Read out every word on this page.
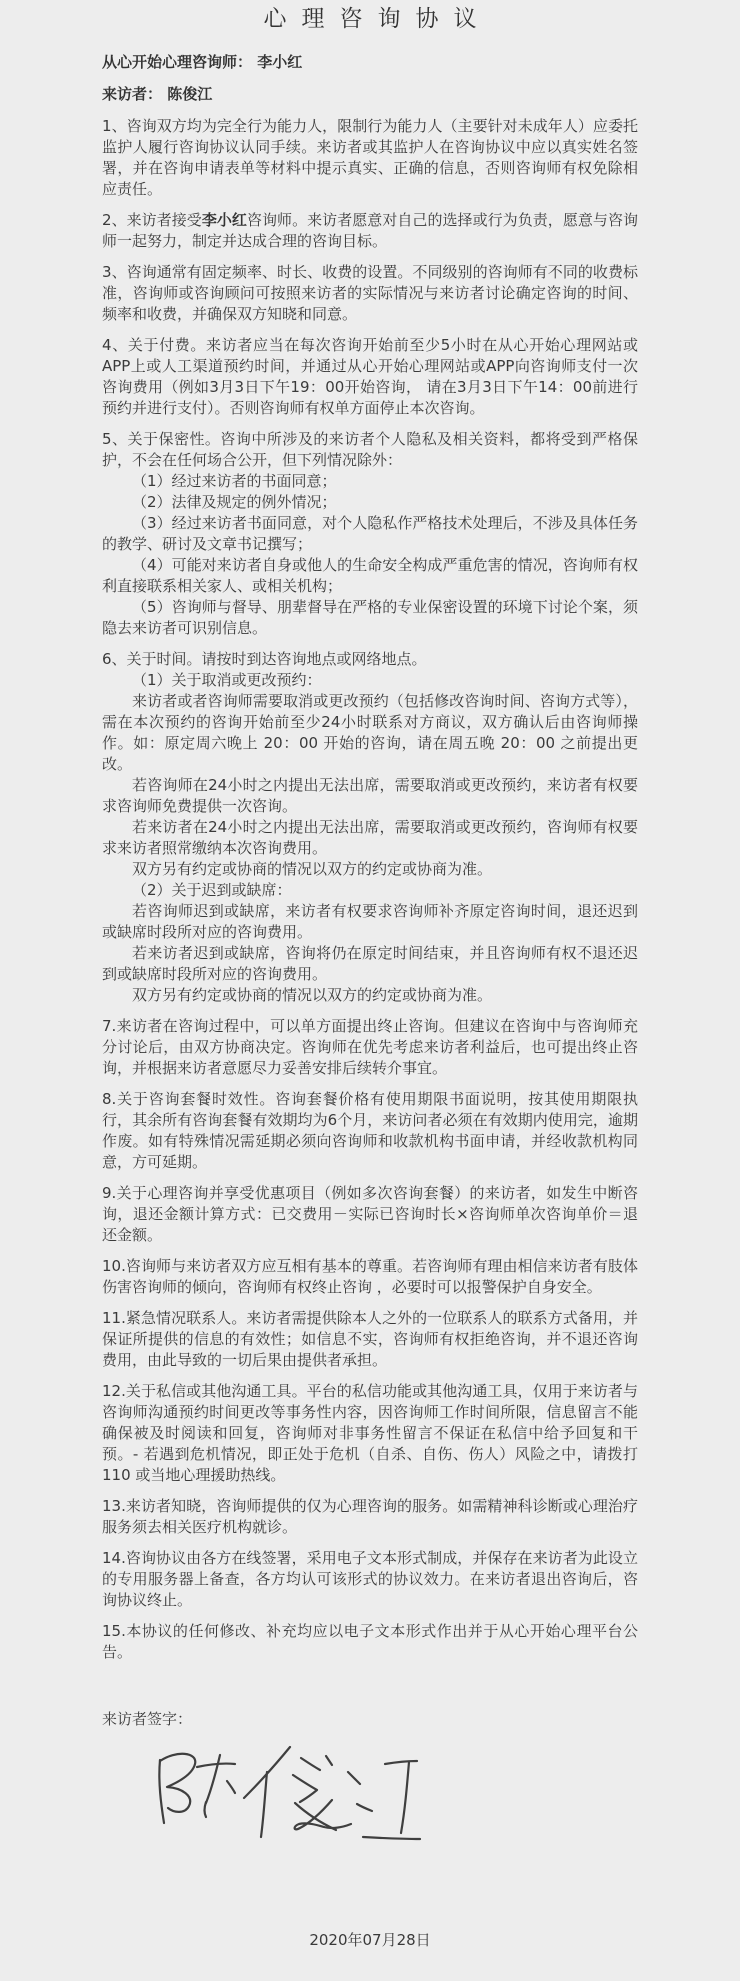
心理咨询协议

从心开始心理咨询师： 李小红

来访者： 陈俊江

1、咨询双方均为完全行为能力人，限制行为能力人（主要针对未成年人）应委托监护人履行咨询协议认同手续。来访者或其监护人在咨询协议中应以真实姓名签署，并在咨询申请表单等材料中提示真实、正确的信息，否则咨询师有权免除相应责任。

2、来访者接受李小红咨询师。来访者愿意对自己的选择或行为负责，愿意与咨询师一起努力，制定并达成合理的咨询目标。

3、咨询通常有固定频率、时长、收费的设置。不同级别的咨询师有不同的收费标准，咨询师或咨询顾问可按照来访者的实际情况与来访者讨论确定咨询的时间、频率和收费，并确保双方知晓和同意。

4、关于付费。来访者应当在每次咨询开始前至少5小时在从心开始心理网站或APP上或人工渠道预约时间，并通过从心开始心理网站或APP向咨询师支付一次咨询费用（例如3月3日下午19：00开始咨询， 请在3月3日下午14：00前进行预约并进行支付）。否则咨询师有权单方面停止本次咨询。

5、关于保密性。咨询中所涉及的来访者个人隐私及相关资料，都将受到严格保护，不会在任何场合公开，但下列情况除外：

（1）经过来访者的书面同意；

（2）法律及规定的例外情况；

（3）经过来访者书面同意，对个人隐私作严格技术处理后，不涉及具体任务的教学、研讨及文章书记撰写；

（4）可能对来访者自身或他人的生命安全构成严重危害的情况，咨询师有权利直接联系相关家人、或相关机构；

（5）咨询师与督导、朋辈督导在严格的专业保密设置的环境下讨论个案，须隐去来访者可识别信息。

6、关于时间。请按时到达咨询地点或网络地点。

（1）关于取消或更改预约：

来访者或者咨询师需要取消或更改预约（包括修改咨询时间、咨询方式等），需在本次预约的咨询开始前至少24小时联系对方商议，双方确认后由咨询师操作。如：原定周六晚上 20：00 开始的咨询，请在周五晚 20：00 之前提出更改。

若咨询师在24小时之内提出无法出席，需要取消或更改预约，来访者有权要求咨询师免费提供一次咨询。

若来访者在24小时之内提出无法出席，需要取消或更改预约，咨询师有权要求来访者照常缴纳本次咨询费用。

双方另有约定或协商的情况以双方的约定或协商为准。

（2）关于迟到或缺席：

若咨询师迟到或缺席，来访者有权要求咨询师补齐原定咨询时间，退还迟到或缺席时段所对应的咨询费用。

若来访者迟到或缺席，咨询将仍在原定时间结束，并且咨询师有权不退还迟到或缺席时段所对应的咨询费用。

双方另有约定或协商的情况以双方的约定或协商为准。

7.来访者在咨询过程中，可以单方面提出终止咨询。但建议在咨询中与咨询师充分讨论后，由双方协商决定。咨询师在优先考虑来访者利益后，也可提出终止咨询，并根据来访者意愿尽力妥善安排后续转介事宜。

8.关于咨询套餐时效性。咨询套餐价格有使用期限书面说明，按其使用期限执行，其余所有咨询套餐有效期均为6个月，来访问者必须在有效期内使用完，逾期作废。如有特殊情况需延期必须向咨询师和收款机构书面申请，并经收款机构同意，方可延期。

9.关于心理咨询并享受优惠项目（例如多次咨询套餐）的来访者，如发生中断咨询，退还金额计算方式：已交费用－实际已咨询时长×咨询师单次咨询单价＝退还金额。

10.咨询师与来访者双方应互相有基本的尊重。若咨询师有理由相信来访者有肢体伤害咨询师的倾向，咨询师有权终止咨询 ，必要时可以报警保护自身安全。

11.紧急情况联系人。来访者需提供除本人之外的一位联系人的联系方式备用，并保证所提供的信息的有效性；如信息不实，咨询师有权拒绝咨询，并不退还咨询费用，由此导致的一切后果由提供者承担。

12.关于私信或其他沟通工具。平台的私信功能或其他沟通工具，仅用于来访者与咨询师沟通预约时间更改等事务性内容，因咨询师工作时间所限，信息留言不能确保被及时阅读和回复，咨询师对非事务性留言不保证在私信中给予回复和干预。- 若遇到危机情况，即正处于危机（自杀、自伤、伤人）风险之中，请拨打 110 或当地心理援助热线。

13.来访者知晓，咨询师提供的仅为心理咨询的服务。如需精神科诊断或心理治疗服务须去相关医疗机构就诊。

14.咨询协议由各方在线签署，采用电子文本形式制成，并保存在来访者为此设立的专用服务器上备查，各方均认可该形式的协议效力。在来访者退出咨询后，咨询协议终止。

15.本协议的任何修改、补充均应以电子文本形式作出并于从心开始心理平台公告。

来访者签字：

2020年07月28日
